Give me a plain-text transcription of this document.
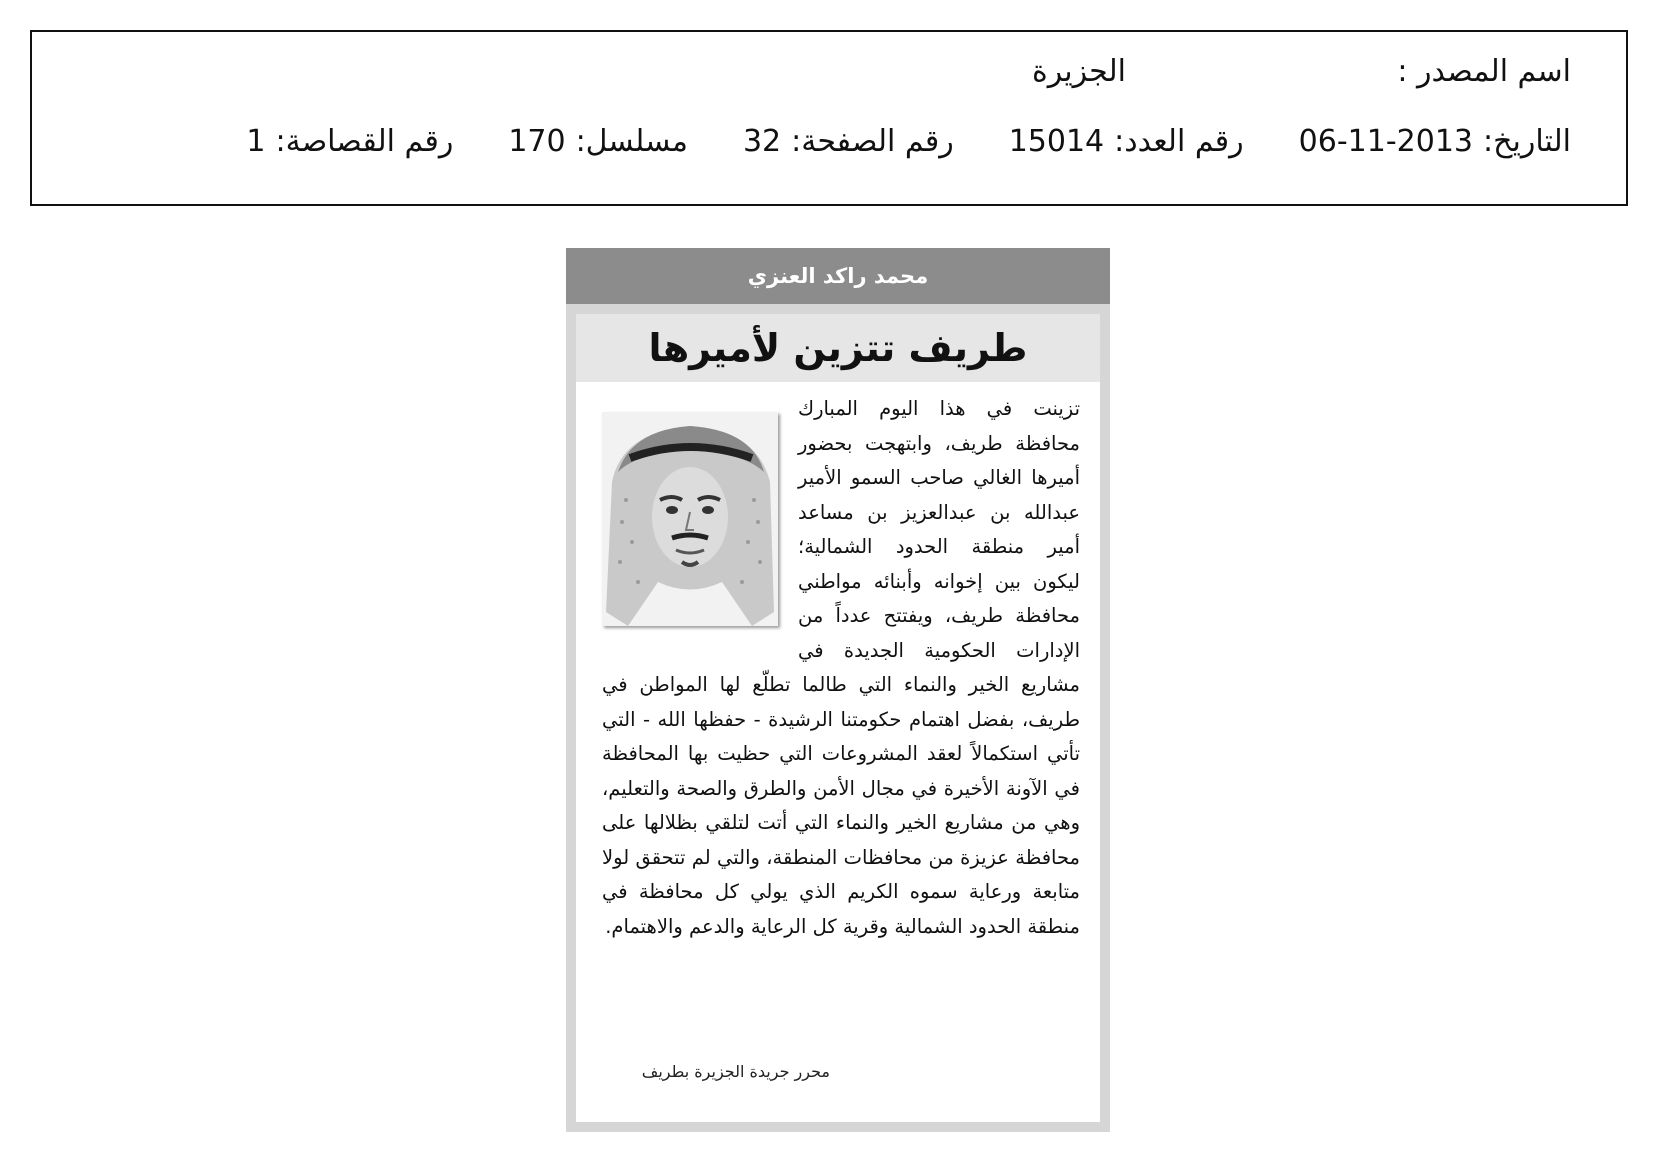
اسم المصدر :
الجزيرة
التاريخ:2013-11-06
رقم العدد:15014
رقم الصفحة:32
مسلسل:170
رقم القصاصة:1
محمد راكد العنزي
طريف تتزين لأميرها

تزينت في هذا اليوم المبارك محافظة طريف، وابتهجت بحضور أميرها الغالي صاحب السمو الأمير عبدالله بن عبدالعزيز بن مساعد أمير منطقة الحدود الشمالية؛ ليكون بين إخوانه وأبنائه مواطني محافظة طريف، ويفتتح عدداً من الإدارات الحكومية الجديدة في مشاريع الخير والنماء التي طالما تطلّع لها المواطن في طريف، بفضل اهتمام حكومتنا الرشيدة - حفظها الله - التي تأتي استكمالاً لعقد المشروعات التي حظيت بها المحافظة في الآونة الأخيرة في مجال الأمن والطرق والصحة والتعليم، وهي من مشاريع الخير والنماء التي أتت لتلقي بظلالها على محافظة عزيزة من محافظات المنطقة، والتي لم تتحقق لولا متابعة ورعاية سموه الكريم الذي يولي كل محافظة في منطقة الحدود الشمالية وقرية كل الرعاية والدعم والاهتمام.

محرر جريدة الجزيرة بطريف
